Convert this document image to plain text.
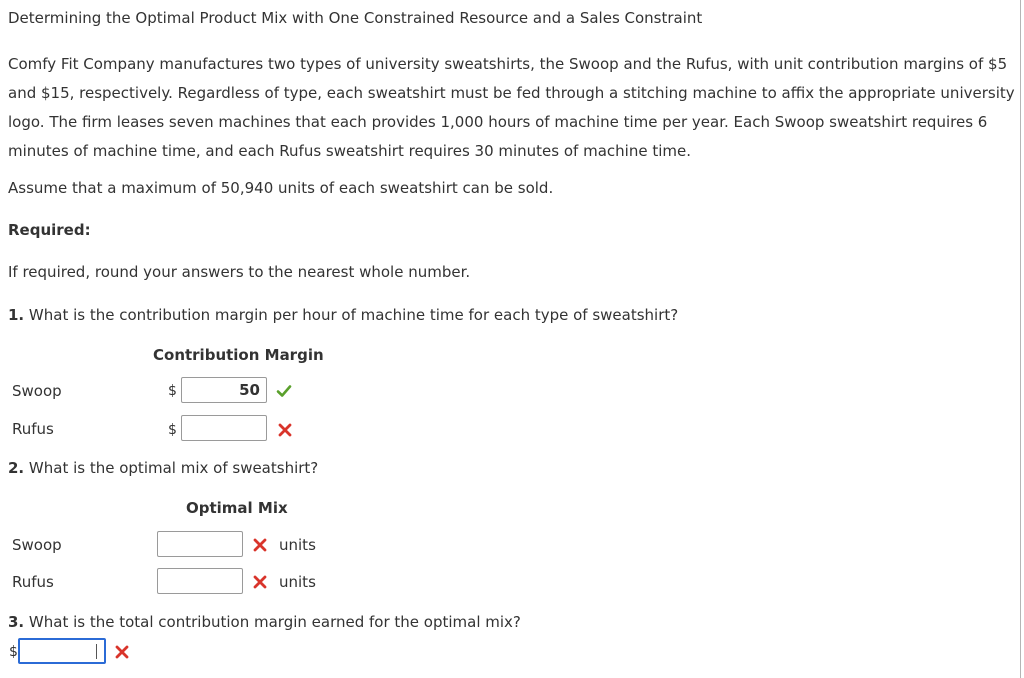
Determining the Optimal Product Mix with One Constrained Resource and a Sales Constraint

Comfy Fit Company manufactures two types of university sweatshirts, the Swoop and the Rufus, with unit contribution margins of $5 and $15, respectively. Regardless of type, each sweatshirt must be fed through a stitching machine to affix the appropriate university logo. The firm leases seven machines that each provides 1,000 hours of machine time per year. Each Swoop sweatshirt requires 6 minutes of machine time, and each Rufus sweatshirt requires 30 minutes of machine time.

Assume that a maximum of 50,940 units of each sweatshirt can be sold.
Required:
If required, round your answers to the nearest whole number.
1. What is the contribution margin per hour of machine time for each type of sweatshirt?
Contribution Margin
Swoop	$	50
Rufus	$
2. What is the optimal mix of sweatshirt?
Optimal Mix
Swoop	units
Rufus	units
3. What is the total contribution margin earned for the optimal mix?
$
